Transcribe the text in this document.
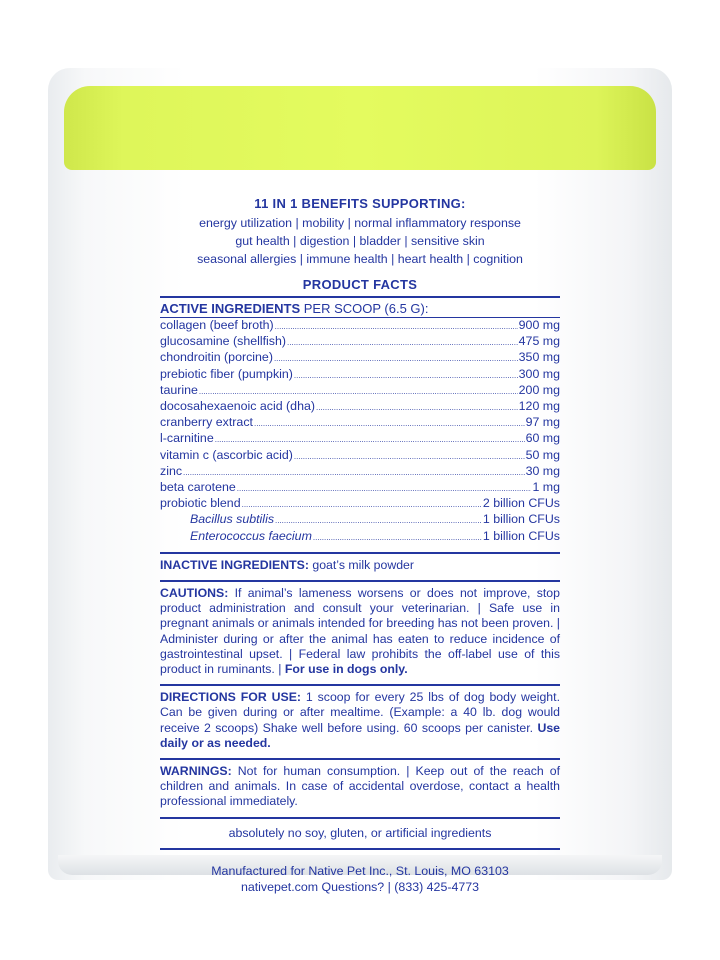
11 IN 1 BENEFITS SUPPORTING:
energy utilization | mobility | normal inflammatory response
gut health | digestion | bladder | sensitive skin
seasonal allergies | immune health | heart health | cognition
PRODUCT FACTS
ACTIVE INGREDIENTS PER SCOOP (6.5 G):
collagen (beef broth) .....	900 mg
glucosamine (shellfish) .....	475 mg
chondroitin (porcine) .....	350 mg
prebiotic fiber (pumpkin) .....	300 mg
taurine .....	200 mg
docosahexaenoic acid (dha) .....	120 mg
cranberry extract .....	97 mg
l-carnitine .....	60 mg
vitamin c (ascorbic acid) .....	50 mg
zinc .....	30 mg
beta carotene .....	1 mg
probiotic blend .....	2 billion CFUs
Bacillus subtilis .....	1 billion CFUs
Enterococcus faecium .....	1 billion CFUs
INACTIVE INGREDIENTS: goat’s milk powder
CAUTIONS: If animal’s lameness worsens or does not improve, stop product administration and consult your veterinarian. | Safe use in pregnant animals or animals intended for breeding has not been proven. | Administer during or after the animal has eaten to reduce incidence of gastrointestinal upset. | Federal law prohibits the off-label use of this product in ruminants. | For use in dogs only.
DIRECTIONS FOR USE: 1 scoop for every 25 lbs of dog body weight. Can be given during or after mealtime. (Example: a 40 lb. dog would receive 2 scoops) Shake well before using. 60 scoops per canister. Use daily or as needed.
WARNINGS: Not for human consumption. | Keep out of the reach of children and animals. In case of accidental overdose, contact a health professional immediately.
absolutely no soy, gluten, or artificial ingredients
Manufactured for Native Pet Inc., St. Louis, MO 63103
nativepet.com Questions? | (833) 425-4773
